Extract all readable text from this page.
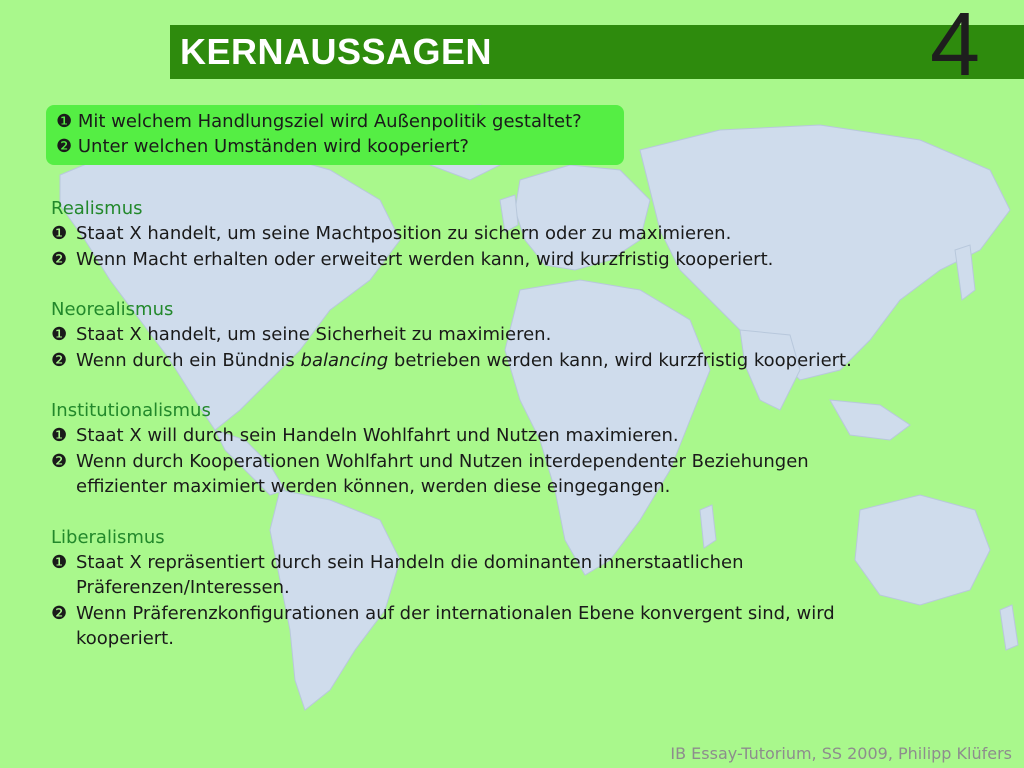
KERNAUSSAGEN	4
❶ Mit welchem Handlungsziel wird Außenpolitik gestaltet?
❷ Unter welchen Umständen wird kooperiert?
Realismus
❶ Staat X handelt, um seine Machtposition zu sichern oder zu maximieren.
❷ Wenn Macht erhalten oder erweitert werden kann, wird kurzfristig kooperiert.
Neorealismus
❶ Staat X handelt, um seine Sicherheit zu maximieren.
❷ Wenn durch ein Bündnis balancing betrieben werden kann, wird kurzfristig kooperiert.
Institutionalismus
❶ Staat X will durch sein Handeln Wohlfahrt und Nutzen maximieren.
❷ Wenn durch Kooperationen Wohlfahrt und Nutzen interdependenter Beziehungen effizienter maximiert werden können, werden diese eingegangen.
Liberalismus
❶ Staat X repräsentiert durch sein Handeln die dominanten innerstaatlichen Präferenzen/Interessen.
❷ Wenn Präferenzkonfigurationen auf der internationalen Ebene konvergent sind, wird kooperiert.
IB Essay-Tutorium, SS 2009, Philipp Klüfers
